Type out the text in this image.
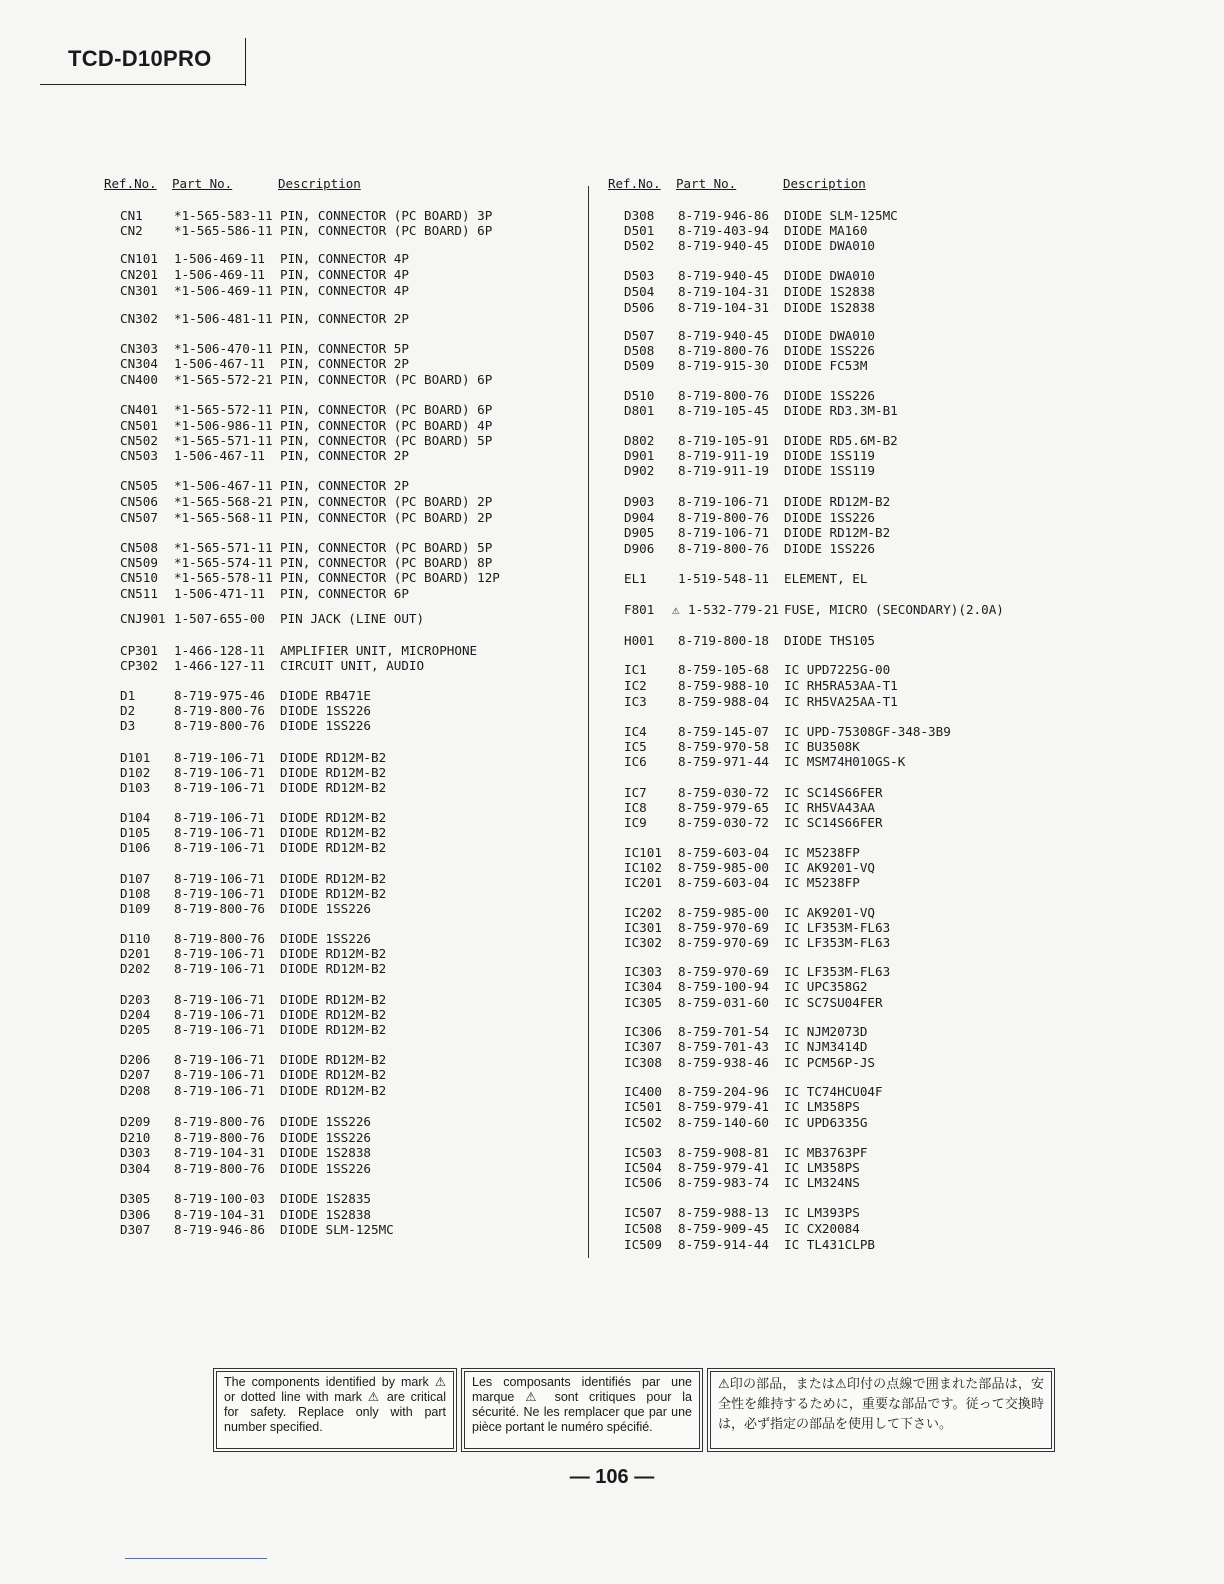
TCD-D10PRO
Ref.No. Part No.	Description	Ref.No. Part No.	Description
CN1 *1-565-583-11 PIN, CONNECTOR (PC BOARD) 3P
CN2 *1-565-586-11 PIN, CONNECTOR (PC BOARD) 6P
CN101 1-506-469-11 PIN, CONNECTOR 4P
CN201 1-506-469-11 PIN, CONNECTOR 4P
CN301 *1-506-469-11 PIN, CONNECTOR 4P
CN302 *1-506-481-11 PIN, CONNECTOR 2P
CN303 *1-506-470-11 PIN, CONNECTOR 5P
CN304 1-506-467-11 PIN, CONNECTOR 2P
CN400 *1-565-572-21 PIN, CONNECTOR (PC BOARD) 6P
CN401 *1-565-572-11 PIN, CONNECTOR (PC BOARD) 6P
CN501 *1-506-986-11 PIN, CONNECTOR (PC BOARD) 4P
CN502 *1-565-571-11 PIN, CONNECTOR (PC BOARD) 5P
CN503 1-506-467-11 PIN, CONNECTOR 2P
CN505 *1-506-467-11 PIN, CONNECTOR 2P
CN506 *1-565-568-21 PIN, CONNECTOR (PC BOARD) 2P
CN507 *1-565-568-11 PIN, CONNECTOR (PC BOARD) 2P
CN508 *1-565-571-11 PIN, CONNECTOR (PC BOARD) 5P
CN509 *1-565-574-11 PIN, CONNECTOR (PC BOARD) 8P
CN510 *1-565-578-11 PIN, CONNECTOR (PC BOARD) 12P
CN511 1-506-471-11 PIN, CONNECTOR 6P
CNJ901 1-507-655-00 PIN JACK (LINE OUT)
CP301 1-466-128-11 AMPLIFIER UNIT, MICROPHONE
CP302 1-466-127-11 CIRCUIT UNIT, AUDIO
D1	8-719-975-46 DIODE RB471E
D2	8-719-800-76 DIODE 1SS226
D3	8-719-800-76 DIODE 1SS226
D101 8-719-106-71 DIODE RD12M-B2
D102 8-719-106-71 DIODE RD12M-B2
D103 8-719-106-71 DIODE RD12M-B2
D104 8-719-106-71 DIODE RD12M-B2
D105 8-719-106-71 DIODE RD12M-B2
D106 8-719-106-71 DIODE RD12M-B2
D107 8-719-106-71 DIODE RD12M-B2
D108 8-719-106-71 DIODE RD12M-B2
D109 8-719-800-76 DIODE 1SS226
D110 8-719-800-76 DIODE 1SS226
D201 8-719-106-71 DIODE RD12M-B2
D202 8-719-106-71 DIODE RD12M-B2
D203 8-719-106-71 DIODE RD12M-B2
D204 8-719-106-71 DIODE RD12M-B2
D205 8-719-106-71 DIODE RD12M-B2
D206 8-719-106-71 DIODE RD12M-B2
D207 8-719-106-71 DIODE RD12M-B2
D208 8-719-106-71 DIODE RD12M-B2
D209 8-719-800-76 DIODE 1SS226
D210 8-719-800-76 DIODE 1SS226
D303 8-719-104-31 DIODE 1S2838
D304 8-719-800-76 DIODE 1SS226
D305 8-719-100-03 DIODE 1S2835
D306 8-719-104-31 DIODE 1S2838
D307 8-719-946-86 DIODE SLM-125MC
D308 8-719-946-86 DIODE SLM-125MC
D501 8-719-403-94 DIODE MA160
D502 8-719-940-45 DIODE DWA010
D503 8-719-940-45 DIODE DWA010
D504 8-719-104-31 DIODE 1S2838
D506 8-719-104-31 DIODE 1S2838
D507 8-719-940-45 DIODE DWA010
D508 8-719-800-76 DIODE 1SS226
D509 8-719-915-30 DIODE FC53M
D510 8-719-800-76 DIODE 1SS226
D801 8-719-105-45 DIODE RD3.3M-B1
D802 8-719-105-91 DIODE RD5.6M-B2
D901 8-719-911-19 DIODE 1SS119
D902 8-719-911-19 DIODE 1SS119
D903 8-719-106-71 DIODE RD12M-B2
D904 8-719-800-76 DIODE 1SS226
D905 8-719-106-71 DIODE RD12M-B2
D906 8-719-800-76 DIODE 1SS226
EL1 1-519-548-11 ELEMENT, EL
F801 ⚠ 1-532-779-21 FUSE, MICRO (SECONDARY)(2.0A)
H001 8-719-800-18 DIODE THS105
IC1 8-759-105-68 IC UPD7225G-00
IC2 8-759-988-10 IC RH5RA53AA-T1
IC3 8-759-988-04 IC RH5VA25AA-T1
IC4 8-759-145-07 IC UPD-75308GF-348-3B9
IC5 8-759-970-58 IC BU3508K
IC6 8-759-971-44 IC MSM74H010GS-K
IC7 8-759-030-72 IC SC14S66FER
IC8 8-759-979-65 IC RH5VA43AA
IC9 8-759-030-72 IC SC14S66FER
IC101 8-759-603-04 IC M5238FP
IC102 8-759-985-00 IC AK9201-VQ
IC201 8-759-603-04 IC M5238FP
IC202 8-759-985-00 IC AK9201-VQ
IC301 8-759-970-69 IC LF353M-FL63
IC302 8-759-970-69 IC LF353M-FL63
IC303 8-759-970-69 IC LF353M-FL63
IC304 8-759-100-94 IC UPC358G2
IC305 8-759-031-60 IC SC7SU04FER
IC306 8-759-701-54 IC NJM2073D
IC307 8-759-701-43 IC NJM3414D
IC308 8-759-938-46 IC PCM56P-JS
IC400 8-759-204-96 IC TC74HCU04F
IC501 8-759-979-41 IC LM358PS
IC502 8-759-140-60 IC UPD6335G
IC503 8-759-908-81 IC MB3763PF
IC504 8-759-979-41 IC LM358PS
IC506 8-759-983-74 IC LM324NS
IC507 8-759-988-13 IC LM393PS
IC508 8-759-909-45 IC CX20084
IC509 8-759-914-44 IC TL431CLPB
The components identified by mark ⚠ or dotted line with mark ⚠ are critical for safety. Replace only with part number specified.
Les composants identifiés par une marque ⚠ sont critiques pour la sécurité. Ne les remplacer que par une pièce portant le numéro spécifié.
⚠印の部品，または⚠印付の点線で囲まれた部品は，安全性を維持するために，重要な部品です。従って交換時は，必ず指定の部品を使用して下さい。
— 106 —
